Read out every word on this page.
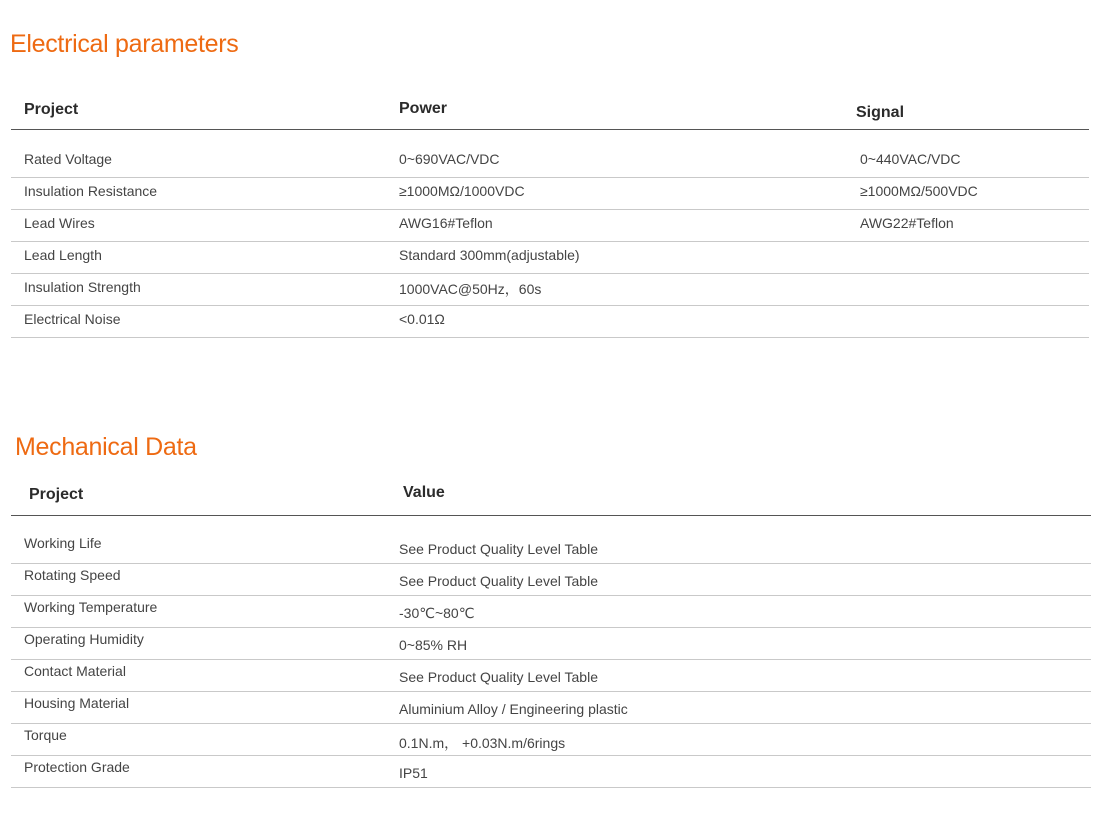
Electrical parameters
Project	Power	Signal
Rated Voltage	0~690VAC/VDC	0~440VAC/VDC
Insulation Resistance	≥1000MΩ/1000VDC	≥1000MΩ/500VDC
Lead Wires	AWG16#Teflon	AWG22#Teflon
Lead Length	Standard 300mm(adjustable)
Insulation Strength	1000VAC@50Hz，60s
Electrical Noise	<0.01Ω
Mechanical Data
Project	Value
Working Life	See Product Quality Level Table
Rotating Speed	See Product Quality Level Table
Working Temperature	-30℃~80℃
Operating Humidity	0~85% RH
Contact Material	See Product Quality Level Table
Housing Material	Aluminium Alloy / Engineering plastic
Torque	0.1N.m， +0.03N.m/6rings
Protection Grade	IP51
